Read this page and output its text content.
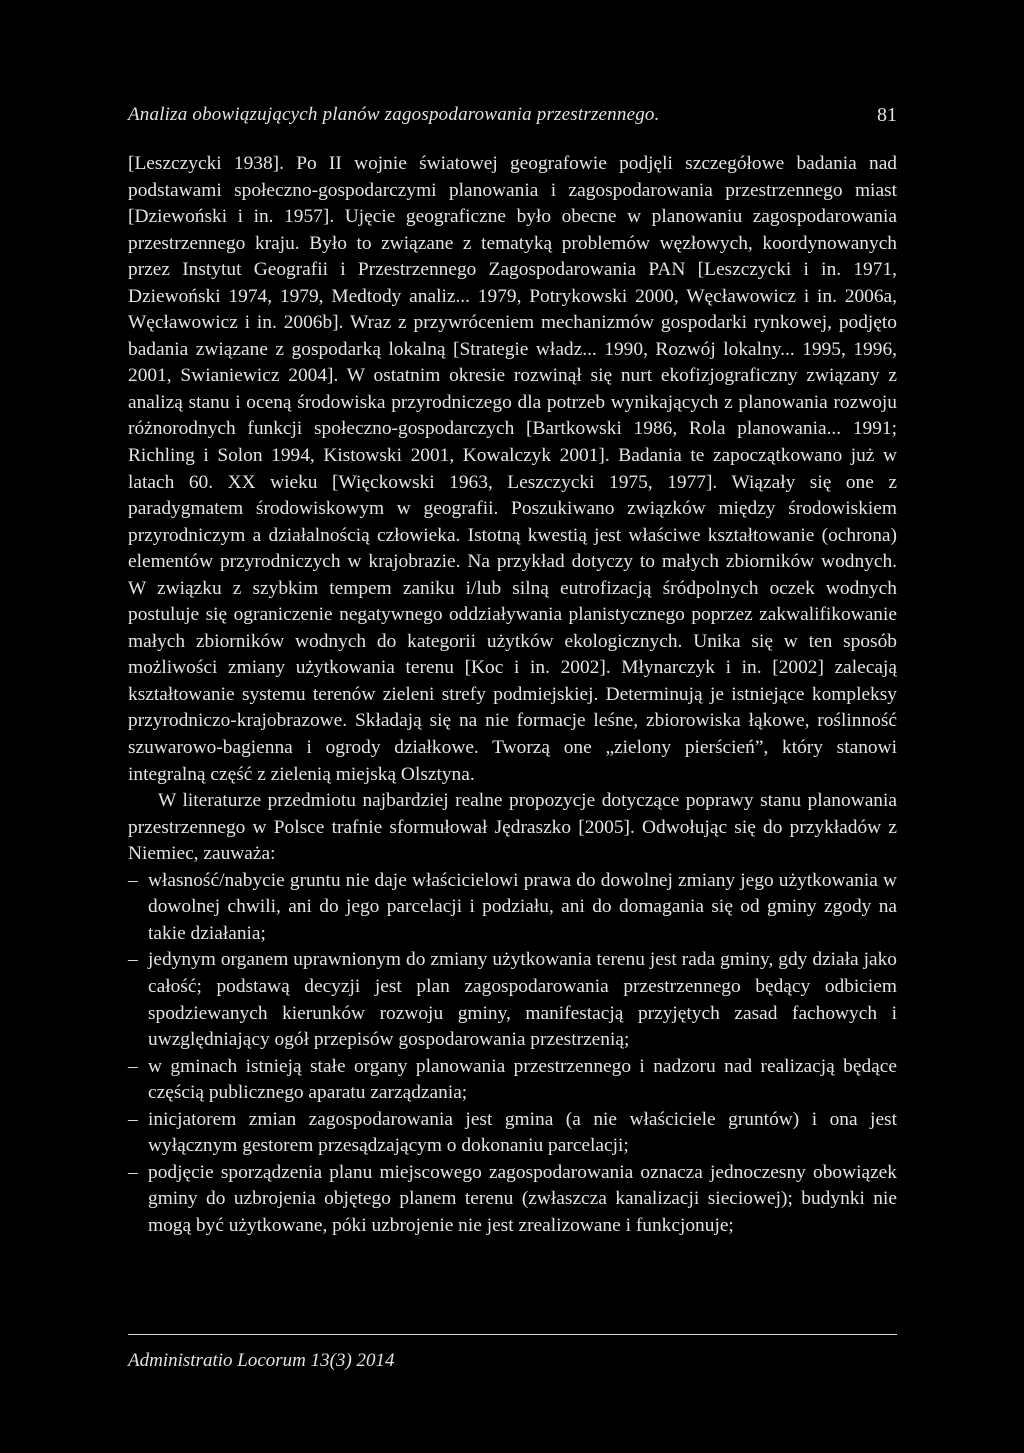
Analiza obowiązujących planów zagospodarowania przestrzennego.	81

[Leszczycki 1938]. Po II wojnie światowej geografowie podjęli szczegółowe badania nad podstawami społeczno-gospodarczymi planowania i zagospodarowania przestrzennego miast [Dziewoński i in. 1957]. Ujęcie geograficzne było obecne w planowaniu zagospodarowania przestrzennego kraju. Było to związane z tematyką problemów węzłowych, koordynowanych przez Instytut Geografii i Przestrzennego Zagospodarowania PAN [Leszczycki i in. 1971, Dziewoński 1974, 1979, Medtody analiz... 1979, Potrykowski 2000, Węcławowicz i in. 2006a, Węcławowicz i in. 2006b]. Wraz z przywróceniem mechanizmów gospodarki rynkowej, podjęto badania związane z gospodarką lokalną [Strategie władz... 1990, Rozwój lokalny... 1995, 1996, 2001, Swianiewicz 2004]. W ostatnim okresie rozwinął się nurt ekofizjograficzny związany z analizą stanu i oceną środowiska przyrodniczego dla potrzeb wynikających z planowania rozwoju różnorodnych funkcji społeczno-gospodarczych [Bartkowski 1986, Rola planowania... 1991; Richling i Solon 1994, Kistowski 2001, Kowalczyk 2001]. Badania te zapoczątkowano już w latach 60. XX wieku [Więckowski 1963, Leszczycki 1975, 1977]. Wiązały się one z paradygmatem środowiskowym w geografii. Poszukiwano związków między środowiskiem przyrodniczym a działalnością człowieka. Istotną kwestią jest właściwe kształtowanie (ochrona) elementów przyrodniczych w krajobrazie. Na przykład dotyczy to małych zbiorników wodnych. W związku z szybkim tempem zaniku i/lub silną eutrofizacją śródpolnych oczek wodnych postuluje się ograniczenie negatywnego oddziaływania planistycznego poprzez zakwalifikowanie małych zbiorników wodnych do kategorii użytków ekologicznych. Unika się w ten sposób możliwości zmiany użytkowania terenu [Koc i in. 2002]. Młynarczyk i in. [2002] zalecają kształtowanie systemu terenów zieleni strefy podmiejskiej. Determinują je istniejące kompleksy przyrodniczo-krajobrazowe. Składają się na nie formacje leśne, zbiorowiska łąkowe, roślinność szuwarowo-bagienna i ogrody działkowe. Tworzą one „zielony pierścień”, który stanowi integralną część z zielenią miejską Olsztyna.

W literaturze przedmiotu najbardziej realne propozycje dotyczące poprawy stanu planowania przestrzennego w Polsce trafnie sformułował Jędraszko [2005]. Odwołując się do przykładów z Niemiec, zauważa:

– własność/nabycie gruntu nie daje właścicielowi prawa do dowolnej zmiany jego użytkowania w dowolnej chwili, ani do jego parcelacji i podziału, ani do domagania się od gminy zgody na takie działania;
– jedynym organem uprawnionym do zmiany użytkowania terenu jest rada gminy, gdy działa jako całość; podstawą decyzji jest plan zagospodarowania przestrzennego będący odbiciem spodziewanych kierunków rozwoju gminy, manifestacją przyjętych zasad fachowych i uwzględniający ogół przepisów gospodarowania przestrzenią;
– w gminach istnieją stałe organy planowania przestrzennego i nadzoru nad realizacją będące częścią publicznego aparatu zarządzania;
– inicjatorem zmian zagospodarowania jest gmina (a nie właściciele gruntów) i ona jest wyłącznym gestorem przesądzającym o dokonaniu parcelacji;
– podjęcie sporządzenia planu miejscowego zagospodarowania oznacza jednoczesny obowiązek gminy do uzbrojenia objętego planem terenu (zwłaszcza kanalizacji sieciowej); budynki nie mogą być użytkowane, póki uzbrojenie nie jest zrealizowane i funkcjonuje;
Administratio Locorum 13(3) 2014
